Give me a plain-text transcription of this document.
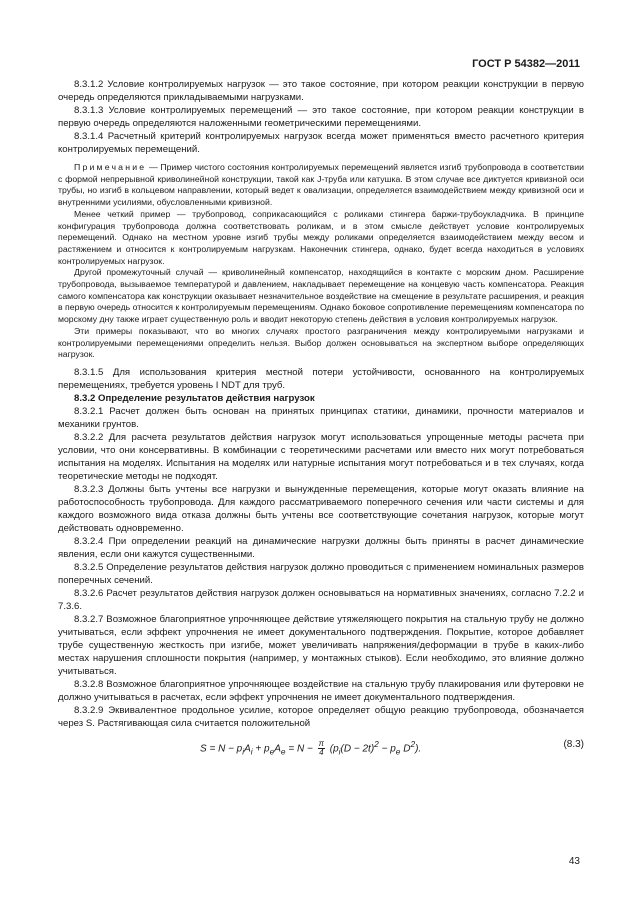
ГОСТ Р 54382—2011

8.3.1.2 Условие контролируемых нагрузок — это такое состояние, при котором реакции конструкции в первую очередь определяются прикладываемыми нагрузками.

8.3.1.3 Условие контролируемых перемещений — это такое состояние, при котором реакции конструкции в первую очередь определяются наложенными геометрическими перемещениями.

8.3.1.4 Расчетный критерий контролируемых нагрузок всегда может применяться вместо расчетного критерия контролируемых перемещений.

Примечание — Пример чистого состояния контролируемых перемещений является изгиб трубопровода в соответствии с формой непрерывной криволинейной конструкции, такой как J-труба или катушка. В этом случае все диктуется кривизной оси трубы, но изгиб в кольцевом направлении, который ведет к овализации, определяется взаимодействием между кривизной оси и внутренними усилиями, обусловленными кривизной.

Менее четкий пример — трубопровод, соприкасающийся с роликами стингера баржи-трубоукладчика. В принципе конфигурация трубопровода должна соответствовать роликам, и в этом смысле действует условие контролируемых перемещений. Однако на местном уровне изгиб трубы между роликами определяется взаимодействием между весом и растяжением и относится к контролируемым нагрузкам. Наконечник стингера, однако, будет всегда находиться в условиях контролируемых нагрузок.

Другой промежуточный случай — криволинейный компенсатор, находящийся в контакте с морским дном. Расширение трубопровода, вызываемое температурой и давлением, накладывает перемещение на концевую часть компенсатора. Реакция самого компенсатора как конструкции оказывает незначительное воздействие на смещение в результате расширения, и реакция в первую очередь относится к контролируемым перемещениям. Однако боковое сопротивление перемещениям компенсатора по морскому дну также играет существенную роль и вводит некоторую степень действия в условия контролируемых нагрузок.

Эти примеры показывают, что во многих случаях простого разграничения между контролируемыми нагрузками и контролируемыми перемещениями определить нельзя. Выбор должен основываться на экспертном выборе определяющих нагрузок.

8.3.1.5 Для использования критерия местной потери устойчивости, основанного на контролируемых перемещениях, требуется уровень I NDT для труб.

8.3.2 Определение результатов действия нагрузок

8.3.2.1 Расчет должен быть основан на принятых принципах статики, динамики, прочности материалов и механики грунтов.

8.3.2.2 Для расчета результатов действия нагрузок могут использоваться упрощенные методы расчета при условии, что они консервативны. В комбинации с теоретическими расчетами или вместо них могут потребоваться испытания на моделях. Испытания на моделях или натурные испытания могут потребоваться и в тех случаях, когда теоретические методы не подходят.

8.3.2.3 Должны быть учтены все нагрузки и вынужденные перемещения, которые могут оказать влияние на работоспособность трубопровода. Для каждого рассматриваемого поперечного сечения или части системы и для каждого возможного вида отказа должны быть учтены все соответствующие сочетания нагрузок, которые могут действовать одновременно.

8.3.2.4 При определении реакций на динамические нагрузки должны быть приняты в расчет динамические явления, если они кажутся существенными.

8.3.2.5 Определение результатов действия нагрузок должно проводиться с применением номинальных размеров поперечных сечений.

8.3.2.6 Расчет результатов действия нагрузок должен основываться на нормативных значениях, согласно 7.2.2 и 7.3.6.

8.3.2.7 Возможное благоприятное упрочняющее действие утяжеляющего покрытия на стальную трубу не должно учитываться, если эффект упрочнения не имеет документального подтверждения. Покрытие, которое добавляет трубе существенную жесткость при изгибе, может увеличивать напряжения/деформации в трубе в каких-либо местах нарушения сплошности покрытия (например, у монтажных стыков). Если необходимо, это влияние должно учитываться.

8.3.2.8 Возможное благоприятное упрочняющее воздействие на стальную трубу плакирования или футеровки не должно учитываться в расчетах, если эффект упрочнения не имеет документального подтверждения.

8.3.2.9 Эквивалентное продольное усилие, которое определяет общую реакцию трубопровода, обозначается через S. Растягивающая сила считается положительной

$S = N - p_iA_i + p_eA_e = N - \frac{\pi}{4} (p_i(D - 2t)^2 - p_e$ $D^2$).	(8.3)
43
